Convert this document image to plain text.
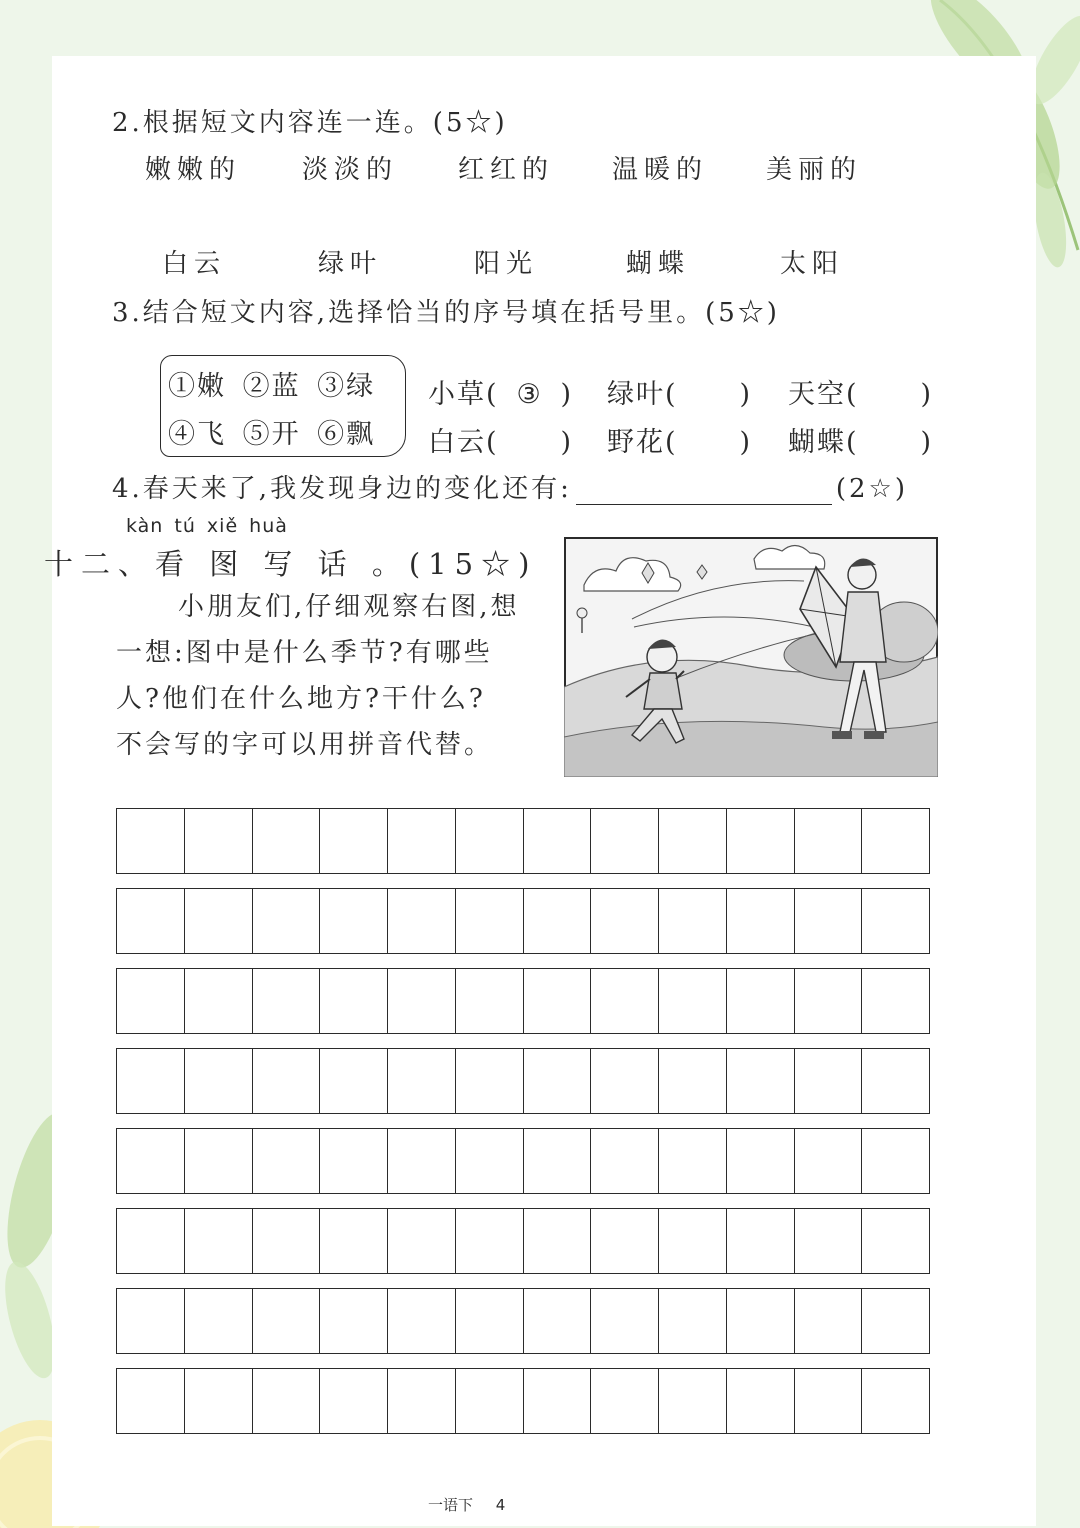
2.根据短文内容连一连。(5☆)
嫩嫩的 淡淡的 红红的 温暖的 美丽的
白云	绿叶	阳光	蝴蝶	太阳
3.结合短文内容,选择恰当的序号填在括号里。(5☆)
①嫩 ②蓝 ③绿
④飞 ⑤开 ⑥飘
小草( ③ ) 绿叶( ) 天空( )
白云( ) 野花( ) 蝴蝶( )
4.春天来了,我发现身边的变化还有:	(2☆)
kàn tú xiě huà
十二、看 图 写 话 。(15☆)
小朋友们,仔细观察右图,想
一想:图中是什么季节?有哪些
人?他们在什么地方?干什么?
不会写的字可以用拼音代替。
一语下 4
